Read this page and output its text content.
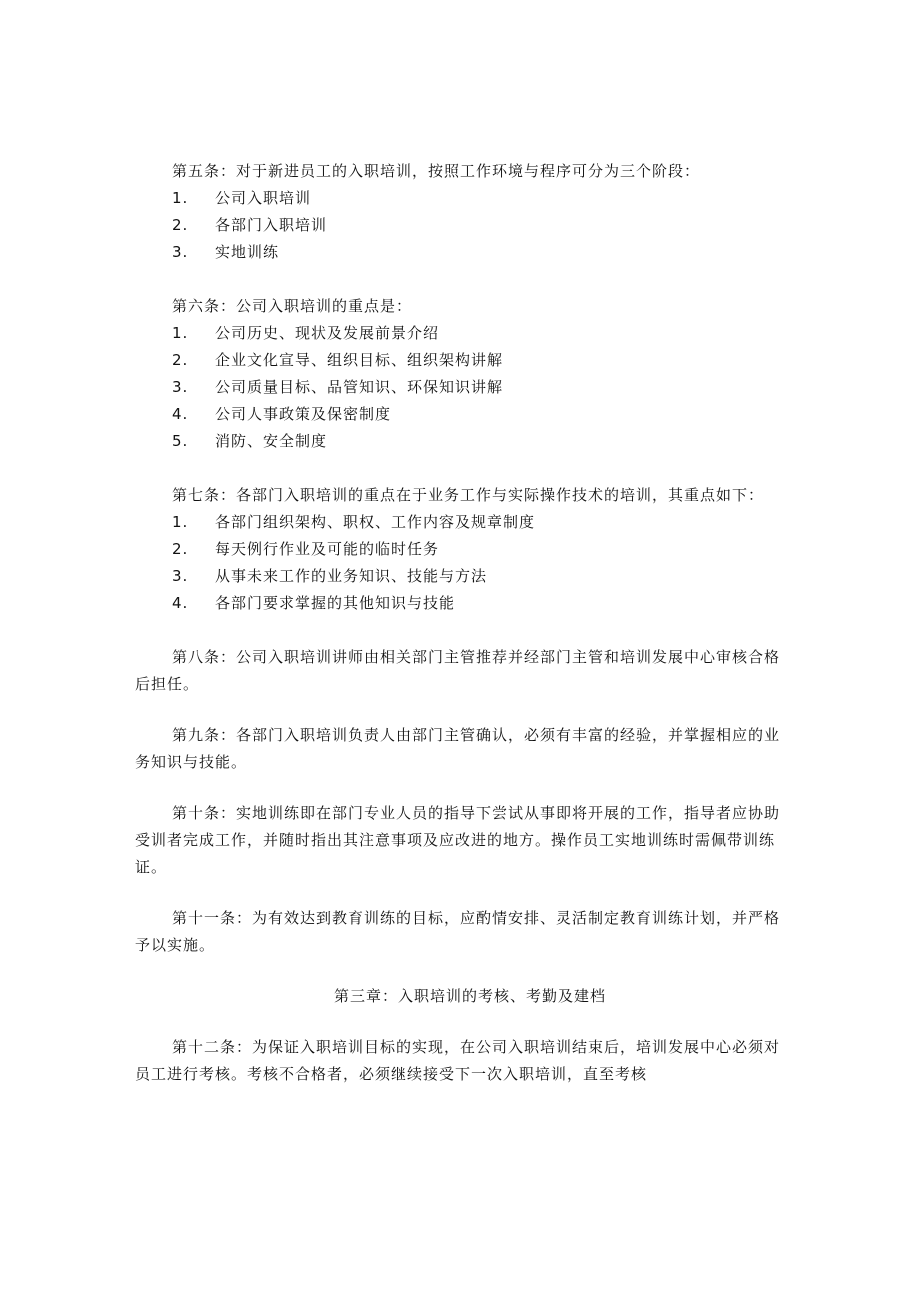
第五条：对于新进员工的入职培训，按照工作环境与程序可分为三个阶段：

1.	公司入职培训
2.	各部门入职培训
3.	实地训练

第六条：公司入职培训的重点是：

1.	公司历史、现状及发展前景介绍
2.	企业文化宣导、组织目标、组织架构讲解
3.	公司质量目标、品管知识、环保知识讲解
4.	公司人事政策及保密制度
5.	消防、安全制度

第七条：各部门入职培训的重点在于业务工作与实际操作技术的培训，其重点如下：

1.	各部门组织架构、职权、工作内容及规章制度
2.	每天例行作业及可能的临时任务
3.	从事未来工作的业务知识、技能与方法
4.	各部门要求掌握的其他知识与技能

第八条：公司入职培训讲师由相关部门主管推荐并经部门主管和培训发展中心审核合格后担任。

第九条：各部门入职培训负责人由部门主管确认，必须有丰富的经验，并掌握相应的业务知识与技能。

第十条：实地训练即在部门专业人员的指导下尝试从事即将开展的工作，指导者应协助受训者完成工作，并随时指出其注意事项及应改进的地方。操作员工实地训练时需佩带训练证。

第十一条：为有效达到教育训练的目标，应酌情安排、灵活制定教育训练计划，并严格予以实施。

第三章：入职培训的考核、考勤及建档

第十二条：为保证入职培训目标的实现，在公司入职培训结束后，培训发展中心必须对员工进行考核。考核不合格者，必须继续接受下一次入职培训，直至考核
